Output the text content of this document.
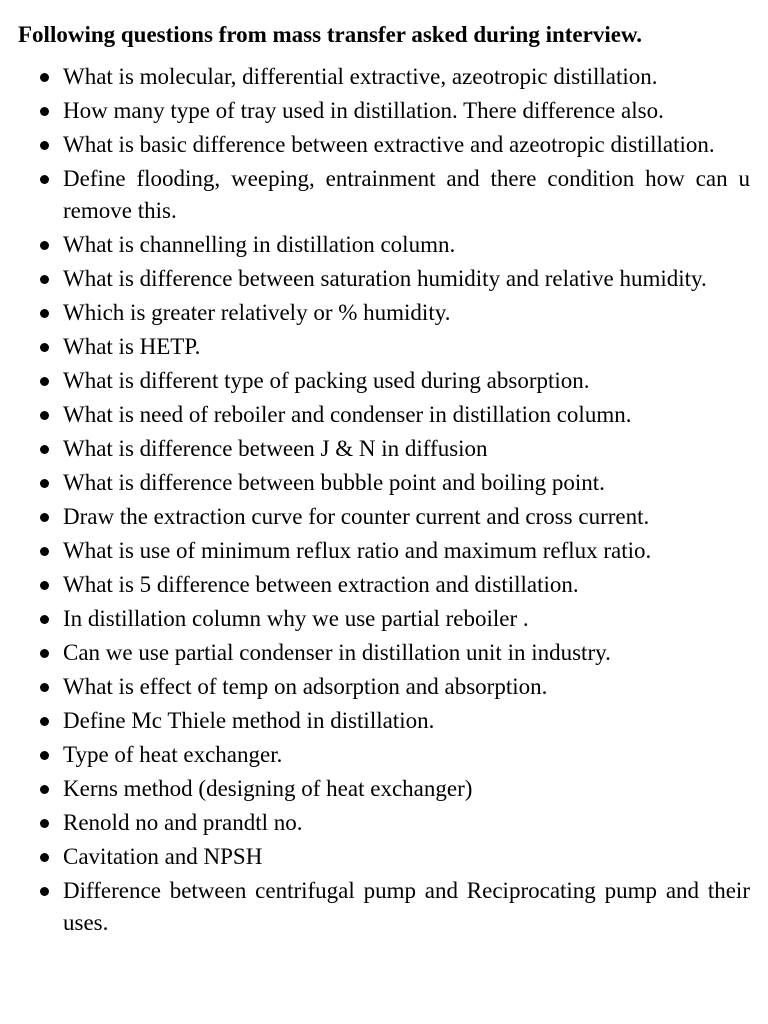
Following questions from mass transfer asked during interview.
What is molecular, differential extractive, azeotropic distillation.
How many type of tray used in distillation. There difference also.
What is basic difference between extractive and azeotropic distillation.
Define flooding, weeping, entrainment and there condition how can u remove this.
What is channelling in distillation column.
What is difference between saturation humidity and relative humidity.
Which is greater relatively or % humidity.
What is HETP.
What is different type of packing used during absorption.
What is need of reboiler and condenser in distillation column.
What is difference between J & N in diffusion
What is difference between bubble point and boiling point.
Draw the extraction curve for counter current and cross current.
What is use of minimum reflux ratio and maximum reflux ratio.
What is 5 difference between extraction and distillation.
In distillation column why we use partial reboiler .
Can we use partial condenser in distillation unit in industry.
What is effect of temp on adsorption and absorption.
Define Mc Thiele method in distillation.
Type of heat exchanger.
Kerns method (designing of heat exchanger)
Renold no and prandtl no.
Cavitation and NPSH
Difference between centrifugal pump and Reciprocating pump and their uses.
